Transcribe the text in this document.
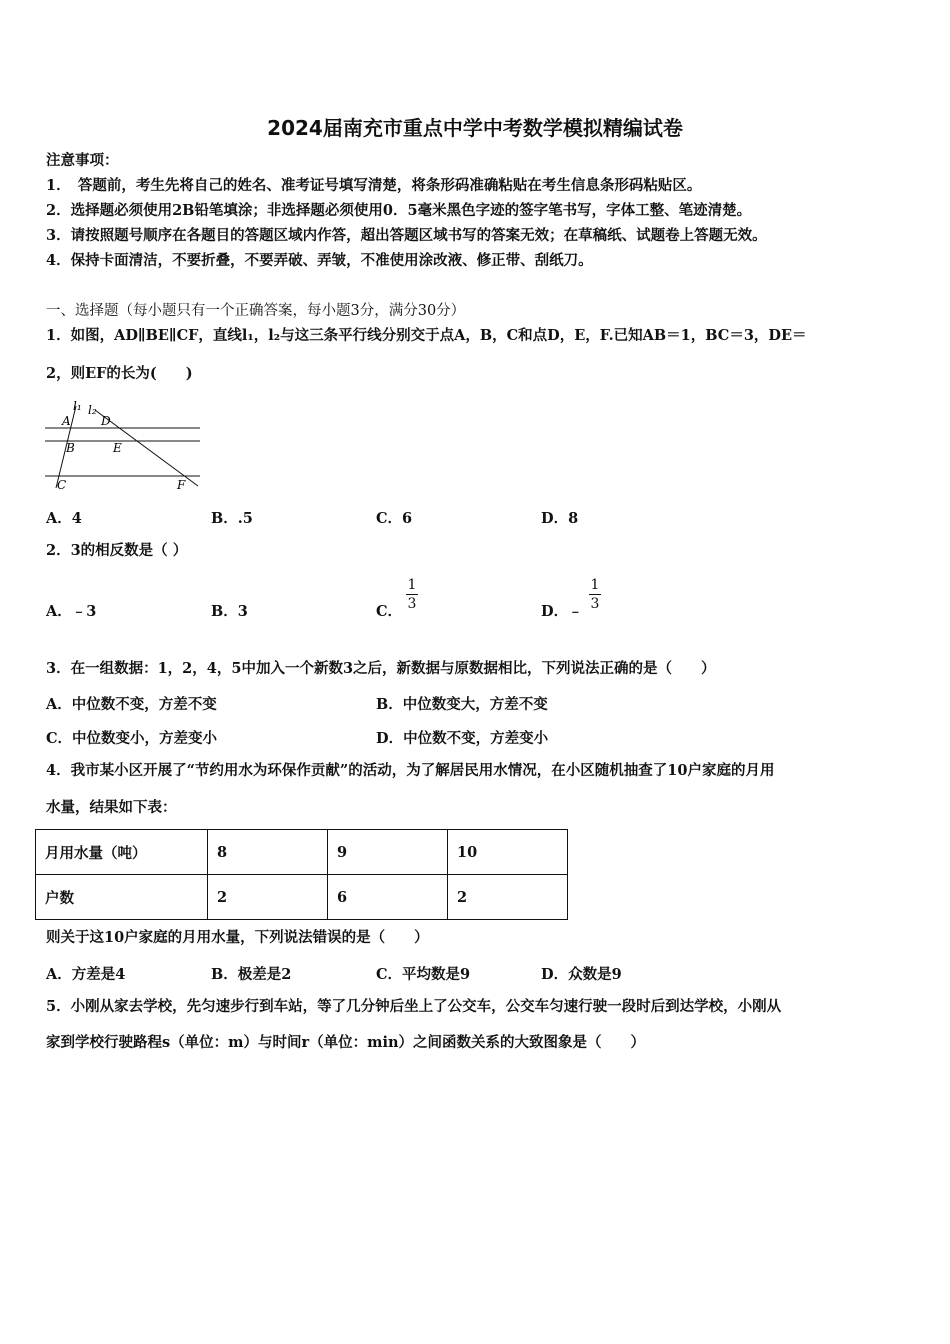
2024届南充市重点中学中考数学模拟精编试卷
注意事项：
1．　答题前，考生先将自己的姓名、准考证号填写清楚，将条形码准确粘贴在考生信息条形码粘贴区。
2．选择题必须使用2B铅笔填涂；非选择题必须使用0．5毫米黑色字迹的签字笔书写，字体工整、笔迹清楚。
3．请按照题号顺序在各题目的答题区域内作答，超出答题区域书写的答案无效；在草稿纸、试题卷上答题无效。
4．保持卡面清洁，不要折叠，不要弄破、弄皱，不准使用涂改液、修正带、刮纸刀。
一、选择题（每小题只有一个正确答案，每小题3分，满分30分）
1．如图，AD∥BE∥CF，直线l₁，l₂与这三条平行线分别交于点A，B，C和点D，E，F.已知AB＝1，BC＝3，DE＝
2，则EF的长为(　　)
l₁ l₂
A	D
B	E
C	F
A．4	B．.5	C．6	D．8
2．3的相反数是（ ）
A．﹣3	B．3	C．
1
3	D．﹣
1
3
3．在一组数据：1，2，4，5中加入一个新数3之后，新数据与原数据相比，下列说法正确的是（　　）
A．中位数不变，方差不变	B．中位数变大，方差不变
C．中位数变小，方差变小	D．中位数不变，方差变小
4．我市某小区开展了“节约用水为环保作贡献”的活动，为了解居民用水情况，在小区随机抽查了10户家庭的月用
水量，结果如下表：
月用水量（吨）	8	9	10
户数	2	6	2
则关于这10户家庭的月用水量，下列说法错误的是（　　）
A．方差是4	B．极差是2	C．平均数是9	D．众数是9
5．小刚从家去学校，先匀速步行到车站，等了几分钟后坐上了公交车，公交车匀速行驶一段时后到达学校，小刚从
家到学校行驶路程s（单位：m）与时间r（单位：min）之间函数关系的大致图象是（　　）
